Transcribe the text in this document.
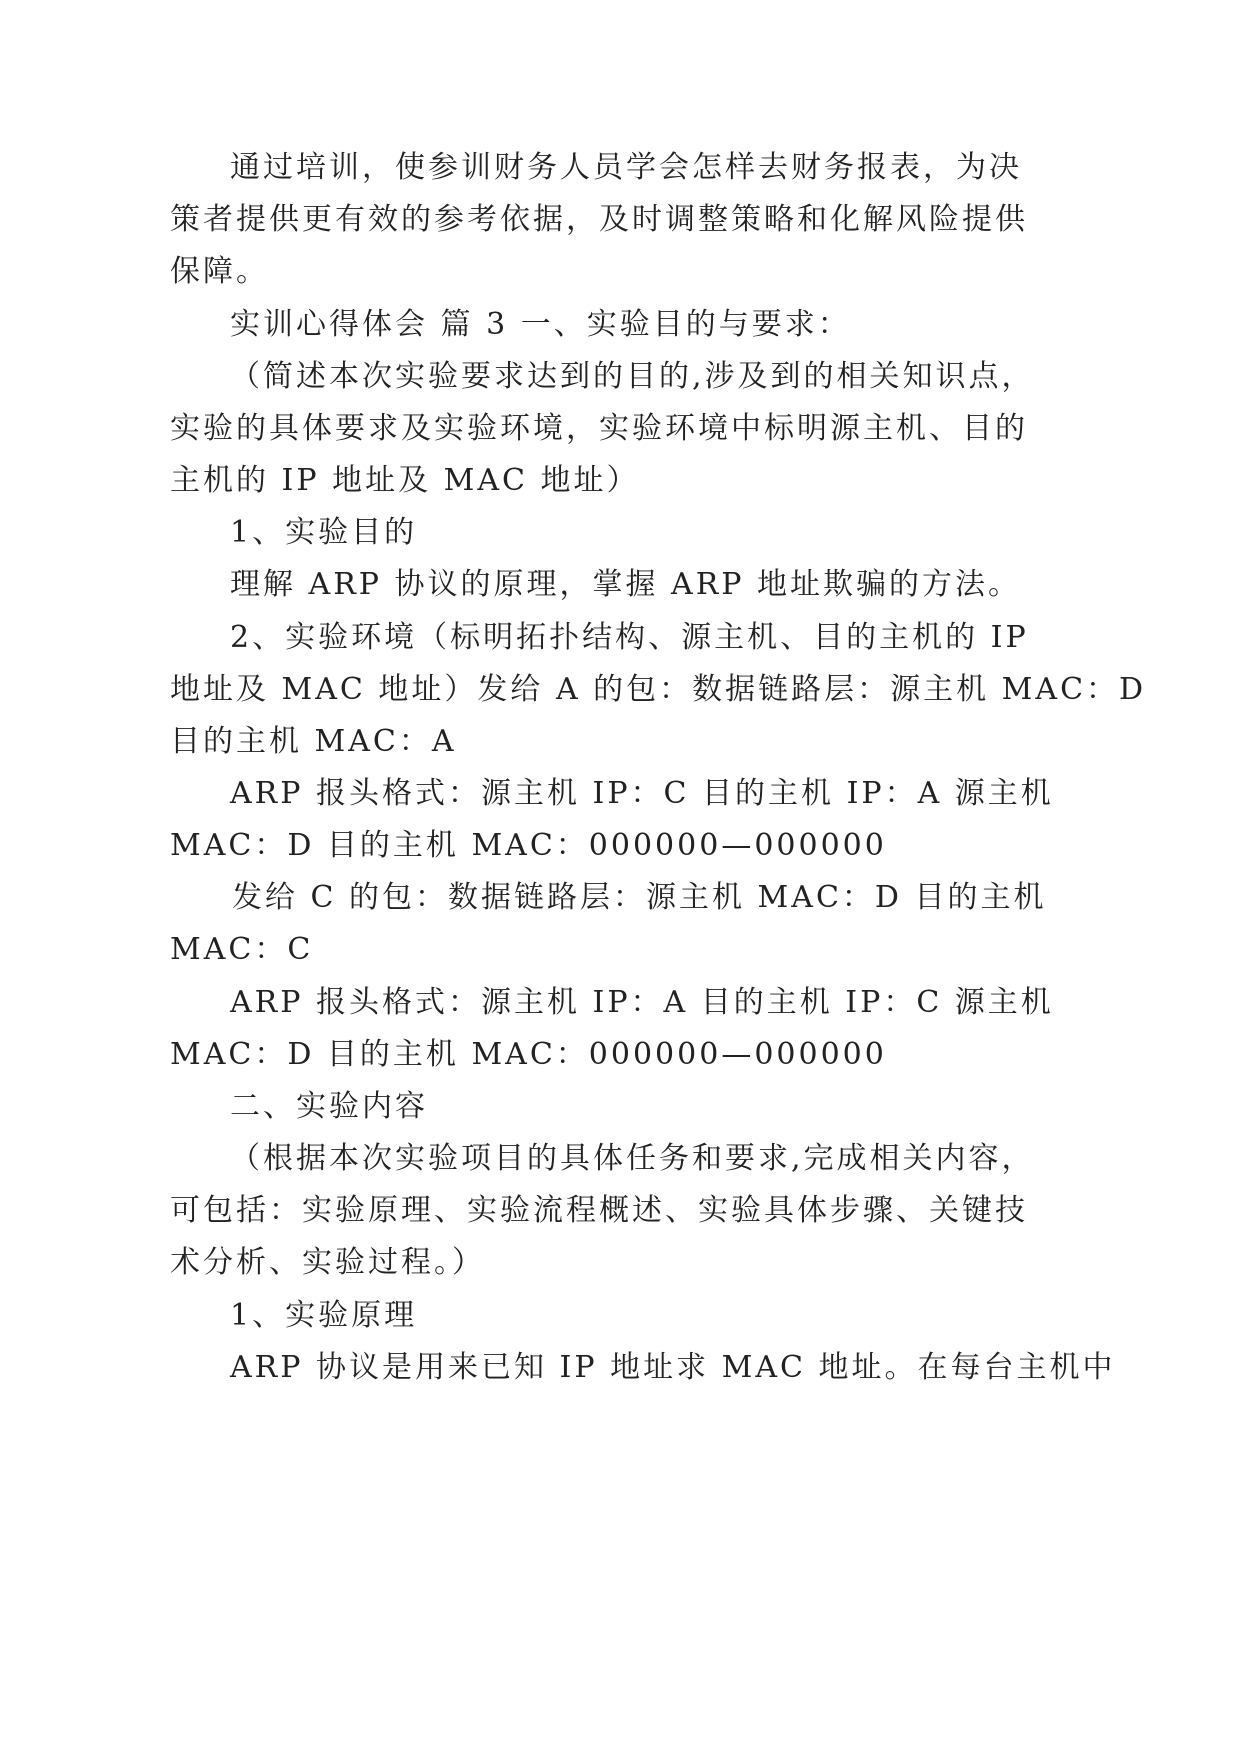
通过培训，使参训财务人员学会怎样去财务报表，为决
策者提供更有效的参考依据，及时调整策略和化解风险提供
保障。
实训心得体会 篇 3 一、实验目的与要求：
（简述本次实验要求达到的目的,涉及到的相关知识点，
实验的具体要求及实验环境，实验环境中标明源主机、目的
主机的 IP 地址及 MAC 地址）
1、实验目的
理解 ARP 协议的原理，掌握 ARP 地址欺骗的方法。
2、实验环境（标明拓扑结构、源主机、目的主机的 IP
地址及 MAC 地址）发给 A 的包：数据链路层：源主机 MAC：D
目的主机 MAC：A
ARP 报头格式：源主机 IP：C 目的主机 IP：A 源主机
MAC：D 目的主机 MAC：000000—000000
发给 C 的包：数据链路层：源主机 MAC：D 目的主机
MAC：C
ARP 报头格式：源主机 IP：A 目的主机 IP：C 源主机
MAC：D 目的主机 MAC：000000—000000
二、实验内容
（根据本次实验项目的具体任务和要求,完成相关内容，
可包括：实验原理、实验流程概述、实验具体步骤、关键技
术分析、实验过程。）
1、实验原理
ARP 协议是用来已知 IP 地址求 MAC 地址。在每台主机中
